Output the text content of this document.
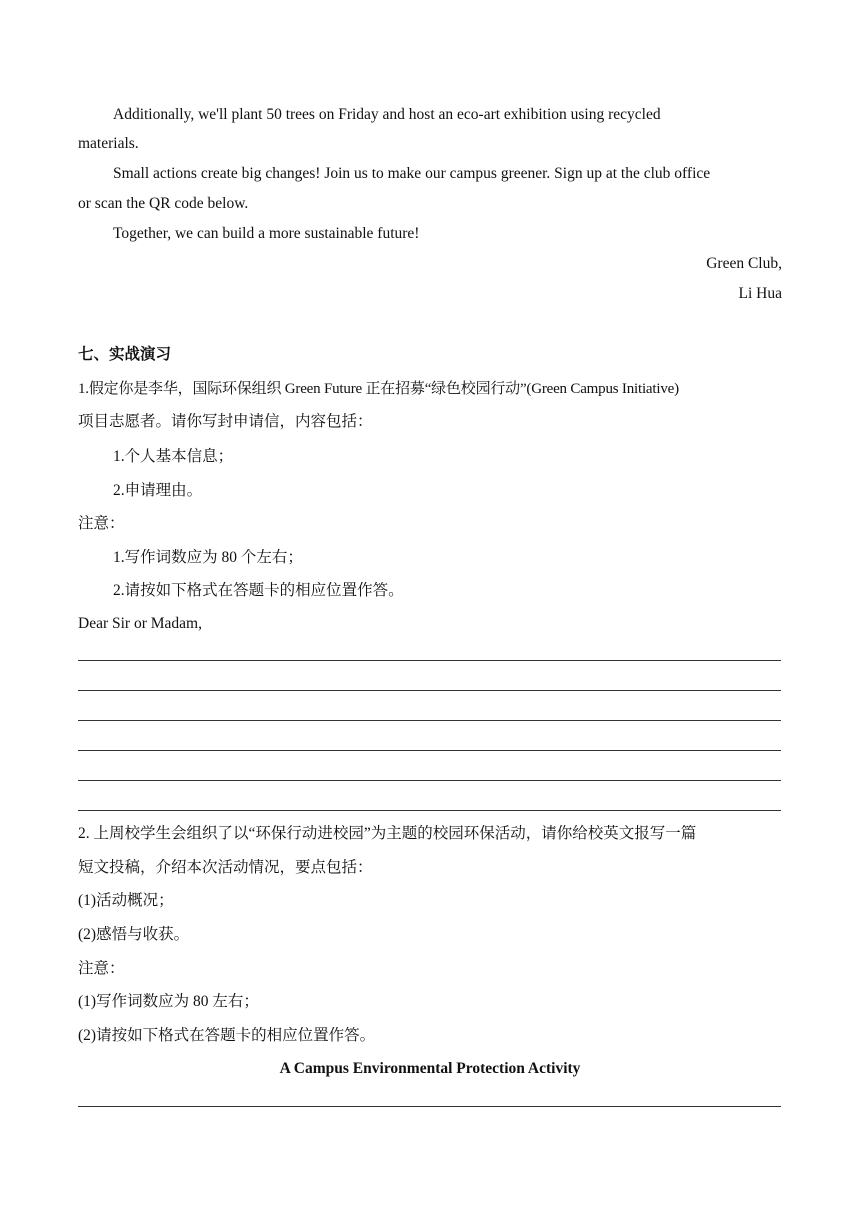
Additionally, we'll plant 50 trees on Friday and host an eco-art exhibition using recycled
materials.
Small actions create big changes! Join us to make our campus greener. Sign up at the club office
or scan the QR code below.
Together, we can build a more sustainable future!
Green Club,
Li Hua
七、实战演习
1.假定你是李华，国际环保组织 Green Future 正在招募“绿色校园行动”(Green Campus Initiative)
项目志愿者。请你写封申请信，内容包括：
1.个人基本信息；
2.申请理由。
注意：
1.写作词数应为 80 个左右；
2.请按如下格式在答题卡的相应位置作答。
Dear Sir or Madam,
2. 上周校学生会组织了以“环保行动进校园”为主题的校园环保活动，请你给校英文报写一篇
短文投稿，介绍本次活动情况，要点包括：
(1)活动概况；
(2)感悟与收获。
注意：
(1)写作词数应为 80 左右；
(2)请按如下格式在答题卡的相应位置作答。
A Campus Environmental Protection Activity
